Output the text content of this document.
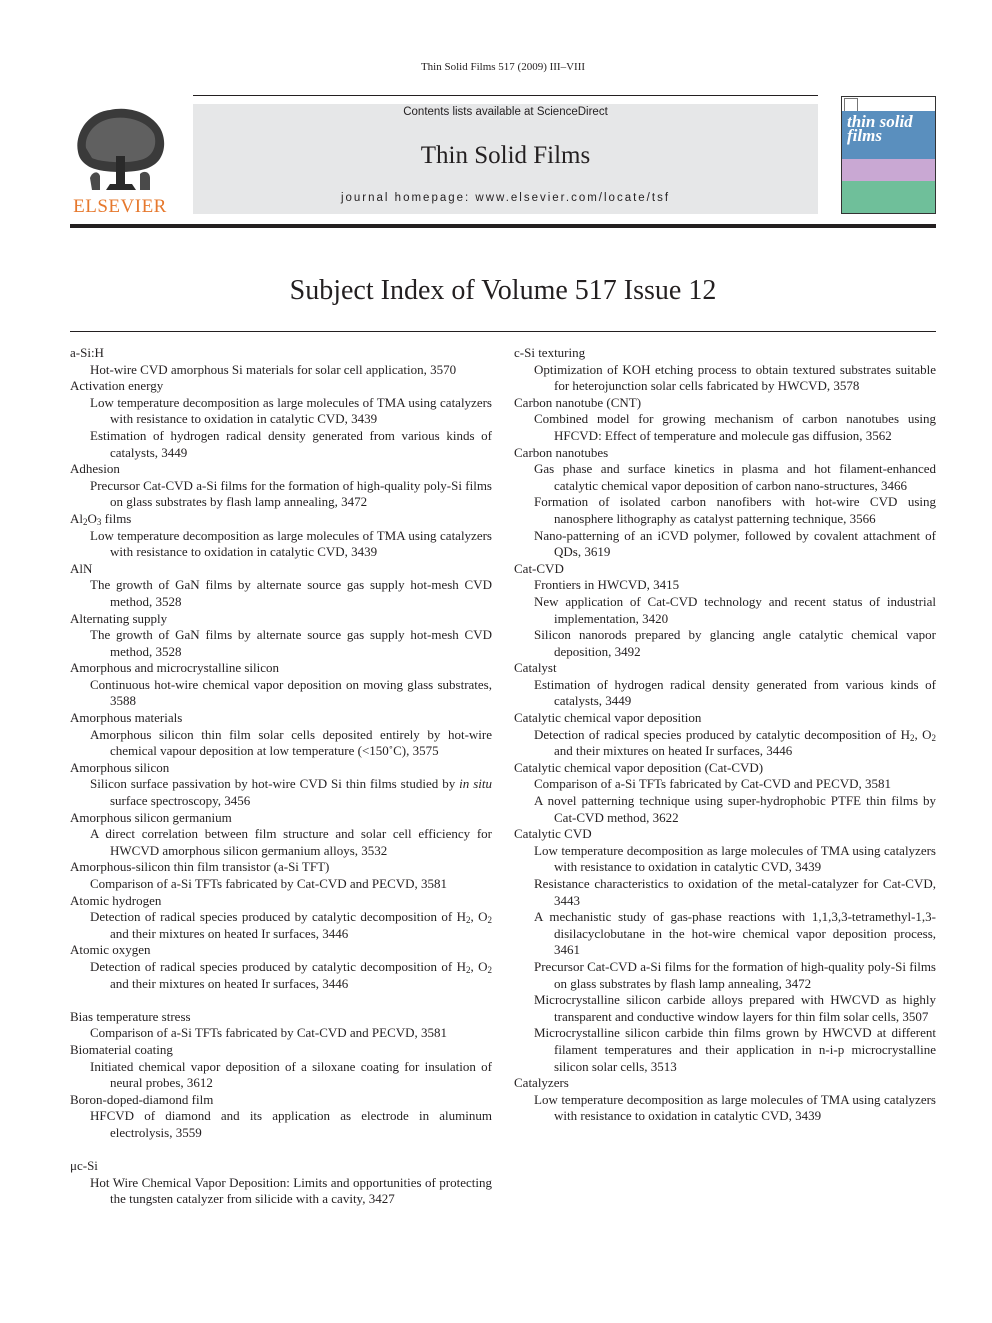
Thin Solid Films 517 (2009) III–VIII
ELSEVIER
Contents lists available at ScienceDirect
Thin Solid Films
journal homepage: www.elsevier.com/locate/tsf
thin solid films
Subject Index of Volume 517 Issue 12

a-Si:H

Hot-wire CVD amorphous Si materials for solar cell application, 3570

Activation energy

Low temperature decomposition as large molecules of TMA using catalyzers with resistance to oxidation in catalytic CVD, 3439

Estimation of hydrogen radical density generated from various kinds of catalysts, 3449

Adhesion

Precursor Cat-CVD a-Si films for the formation of high-quality poly-Si films on glass substrates by flash lamp annealing, 3472

$Al_2O_3$ films

Low temperature decomposition as large molecules of TMA using catalyzers with resistance to oxidation in catalytic CVD, 3439

AlN

The growth of GaN films by alternate source gas supply hot-mesh CVD method, 3528

Alternating supply

The growth of GaN films by alternate source gas supply hot-mesh CVD method, 3528

Amorphous and microcrystalline silicon

Continuous hot-wire chemical vapor deposition on moving glass substrates, 3588

Amorphous materials

Amorphous silicon thin film solar cells deposited entirely by hot-wire chemical vapour deposition at low temperature (<150˚C), 3575

Amorphous silicon

Silicon surface passivation by hot-wire CVD Si thin films studied by in situ surface spectroscopy, 3456

Amorphous silicon germanium

A direct correlation between film structure and solar cell efficiency for HWCVD amorphous silicon germanium alloys, 3532

Amorphous-silicon thin film transistor (a-Si TFT)

Comparison of a-Si TFTs fabricated by Cat-CVD and PECVD, 3581

Atomic hydrogen

Detection of radical species produced by catalytic decomposition of $H_2$, $O_2$ and their mixtures on heated Ir surfaces, 3446

Atomic oxygen

Detection of radical species produced by catalytic decomposition of $H_2$, $O_2$ and their mixtures on heated Ir surfaces, 3446

Bias temperature stress

Comparison of a-Si TFTs fabricated by Cat-CVD and PECVD, 3581

Biomaterial coating

Initiated chemical vapor deposition of a siloxane coating for insulation of neural probes, 3612

Boron-doped-diamond film

HFCVD of diamond and its application as electrode in aluminum electrolysis, 3559

μc-Si

Hot Wire Chemical Vapor Deposition: Limits and opportunities of protecting the tungsten catalyzer from silicide with a cavity, 3427

c-Si texturing

Optimization of KOH etching process to obtain textured substrates suitable for heterojunction solar cells fabricated by HWCVD, 3578

Carbon nanotube (CNT)

Combined model for growing mechanism of carbon nanotubes using HFCVD: Effect of temperature and molecule gas diffusion, 3562

Carbon nanotubes

Gas phase and surface kinetics in plasma and hot filament-enhanced catalytic chemical vapor deposition of carbon nano-structures, 3466

Formation of isolated carbon nanofibers with hot-wire CVD using nanosphere lithography as catalyst patterning technique, 3566

Nano-patterning of an iCVD polymer, followed by covalent attachment of QDs, 3619

Cat-CVD

Frontiers in HWCVD, 3415

New application of Cat-CVD technology and recent status of industrial implementation, 3420

Silicon nanorods prepared by glancing angle catalytic chemical vapor deposition, 3492

Catalyst

Estimation of hydrogen radical density generated from various kinds of catalysts, 3449

Catalytic chemical vapor deposition

Detection of radical species produced by catalytic decomposition of $H_2$, $O_2$ and their mixtures on heated Ir surfaces, 3446

Catalytic chemical vapor deposition (Cat-CVD)

Comparison of a-Si TFTs fabricated by Cat-CVD and PECVD, 3581

A novel patterning technique using super-hydrophobic PTFE thin films by Cat-CVD method, 3622

Catalytic CVD

Low temperature decomposition as large molecules of TMA using catalyzers with resistance to oxidation in catalytic CVD, 3439

Resistance characteristics to oxidation of the metal-catalyzer for Cat-CVD, 3443

A mechanistic study of gas-phase reactions with 1,1,3,3-tetramethyl-1,3-disilacyclobutane in the hot-wire chemical vapor deposition process, 3461

Precursor Cat-CVD a-Si films for the formation of high-quality poly-Si films on glass substrates by flash lamp annealing, 3472

Microcrystalline silicon carbide alloys prepared with HWCVD as highly transparent and conductive window layers for thin film solar cells, 3507

Microcrystalline silicon carbide thin films grown by HWCVD at different filament temperatures and their application in n-i-p microcrystalline silicon solar cells, 3513

Catalyzers

Low temperature decomposition as large molecules of TMA using catalyzers with resistance to oxidation in catalytic CVD, 3439
